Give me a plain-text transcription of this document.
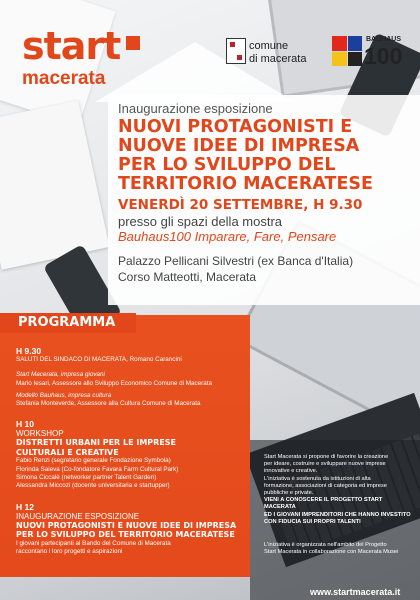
start
macerata
comune
di macerata
BAUHAUS
100
Inaugurazione esposizione
NUOVI PROTAGONISTI E
NUOVE IDEE DI IMPRESA
PER LO SVILUPPO DEL
TERRITORIO MACERATESE
VENERDÌ 20 SETTEMBRE, H 9.30
presso gli spazi della mostra
Bauhaus100 Imparare, Fare, Pensare
Palazzo Pellicani Silvestri (ex Banca d'Italia)
Corso Matteotti, Macerata
PROGRAMMA
H 9.30
SALUTI DEL SINDACO DI MACERATA, Romano Carancini
Start Macerata, impresa giovani
Mario Iesari, Assessore allo Sviluppo Economico Comune di Macerata
Modello Bauhaus, impresa cultura
Stefania Monteverde, Assessore alla Cultura Comune di Macerata
H 10
WORKSHOP
DISTRETTI URBANI PER LE IMPRESE
CULTURALI E CREATIVE
Fabio Renzi (segretario generale Fondazione Symbola)
Florinda Saieva (Co-fondatore Favara Farm Cultural Park)
Simona Ciccalè (networker partner Talent Garden)
Alessandra Miccozi (docente universitaria e startupper)
H 12
INAUGURAZIONE ESPOSIZIONE
NUOVI PROTAGONISTI E NUOVE IDEE DI IMPRESA
PER LO SVILUPPO DEL TERRITORIO MACERATESE
I giovani partecipanti al Bando del Comune di Macerata
raccontano i loro progetti e aspirazioni
Start Macerata si propone di favorire la creazione
per ideare, costruire e sviluppare nuove imprese
innovative e creative.
L'iniziativa è sostenuta da istituzioni di alta
formazione, associazioni di categoria ed imprese
pubbliche e private.
VIENI A CONOSCERE IL PROGETTO START MACERATA
ED I GIOVANI IMPRENDITORI CHE HANNO INVESTITO
CON FIDUCIA SUI PROPRI TALENTI
L'iniziativa è organizzata nell'ambito del Progetto
Start Macerata in collaborazione con Macerata Musei
www.startmacerata.it
